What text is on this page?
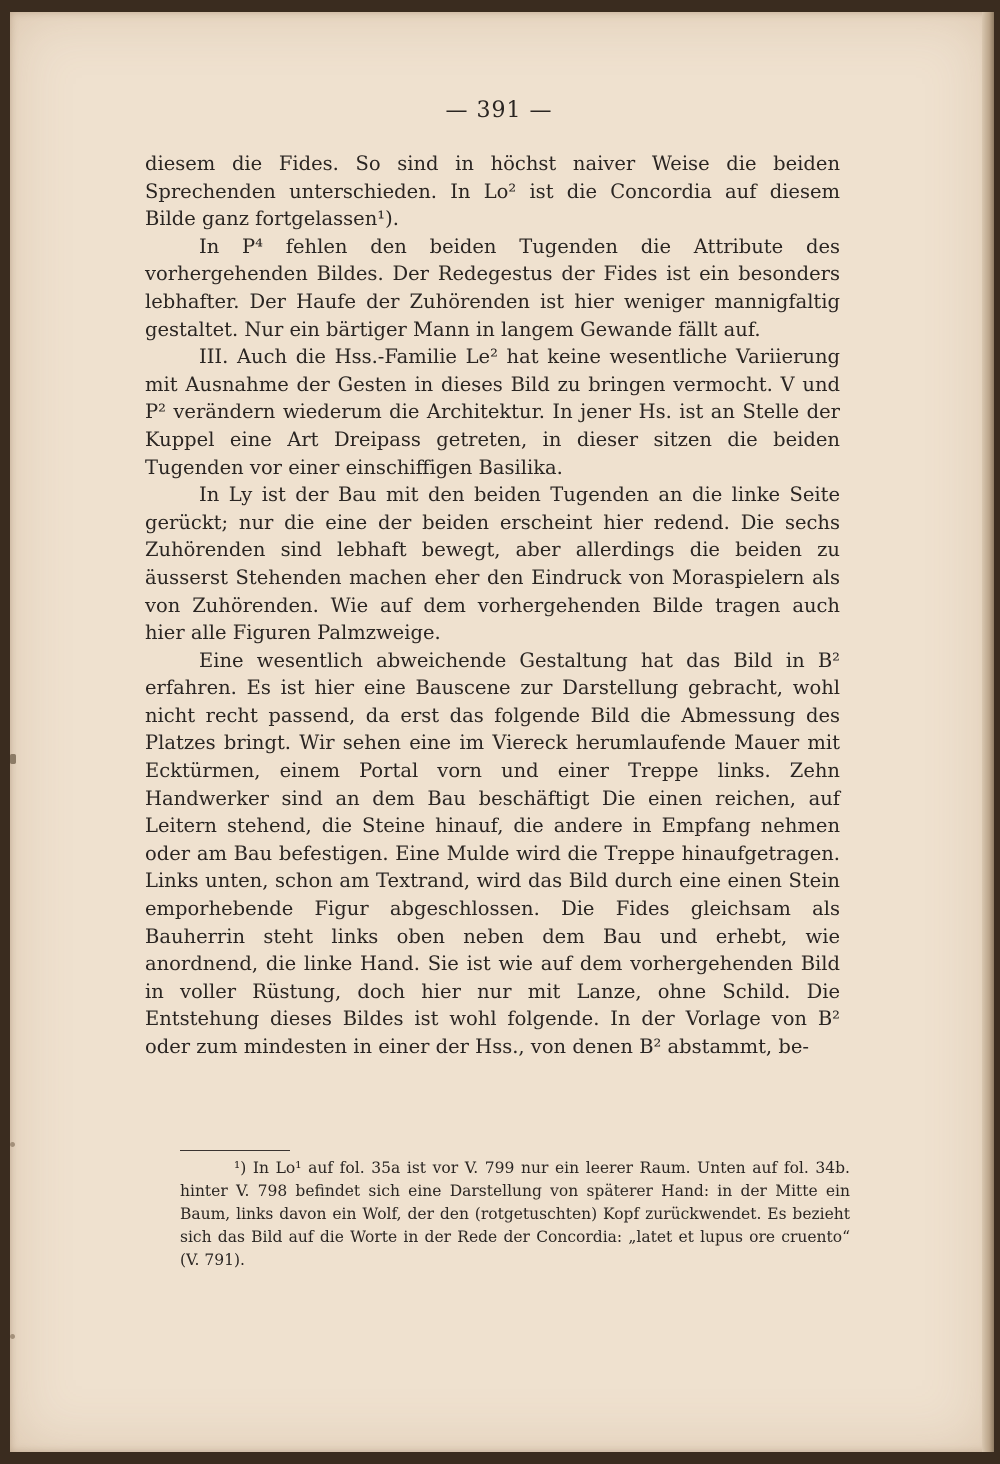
— 391 —

diesem die Fides. So sind in höchst naiver Weise die beiden Sprechenden unterschieden. In Lo² ist die Concordia auf diesem Bilde ganz fortgelassen¹).

In P⁴ fehlen den beiden Tugenden die Attribute des vorhergehenden Bildes. Der Redegestus der Fides ist ein besonders lebhafter. Der Haufe der Zuhörenden ist hier weniger mannigfaltig gestaltet. Nur ein bärtiger Mann in langem Gewande fällt auf.

III. Auch die Hss.-Familie Le² hat keine wesentliche Variierung mit Ausnahme der Gesten in dieses Bild zu bringen vermocht. V und P² verändern wiederum die Architektur. In jener Hs. ist an Stelle der Kuppel eine Art Dreipass getreten, in dieser sitzen die beiden Tugenden vor einer einschiffigen Basilika.

In Ly ist der Bau mit den beiden Tugenden an die linke Seite gerückt; nur die eine der beiden erscheint hier redend. Die sechs Zuhörenden sind lebhaft bewegt, aber allerdings die beiden zu äusserst Stehenden machen eher den Eindruck von Moraspielern als von Zuhörenden. Wie auf dem vorhergehenden Bilde tragen auch hier alle Figuren Palmzweige.

Eine wesentlich abweichende Gestaltung hat das Bild in B² erfahren. Es ist hier eine Bauscene zur Darstellung gebracht, wohl nicht recht passend, da erst das folgende Bild die Abmessung des Platzes bringt. Wir sehen eine im Viereck herumlaufende Mauer mit Ecktürmen, einem Portal vorn und einer Treppe links. Zehn Handwerker sind an dem Bau beschäftigt Die einen reichen, auf Leitern stehend, die Steine hinauf, die andere in Empfang nehmen oder am Bau befestigen. Eine Mulde wird die Treppe hinaufgetragen. Links unten, schon am Textrand, wird das Bild durch eine einen Stein emporhebende Figur abgeschlossen. Die Fides gleichsam als Bauherrin steht links oben neben dem Bau und erhebt, wie anordnend, die linke Hand. Sie ist wie auf dem vorhergehenden Bild in voller Rüstung, doch hier nur mit Lanze, ohne Schild. Die Entstehung dieses Bildes ist wohl folgende. In der Vorlage von B² oder zum mindesten in einer der Hss., von denen B² abstammt, be-

¹) In Lo¹ auf fol. 35a ist vor V. 799 nur ein leerer Raum. Unten auf fol. 34b. hinter V. 798 befindet sich eine Darstellung von späterer Hand: in der Mitte ein Baum, links davon ein Wolf, der den (rotgetuschten) Kopf zurückwendet. Es bezieht sich das Bild auf die Worte in der Rede der Concordia: „latet et lupus ore cruento“ (V. 791).
